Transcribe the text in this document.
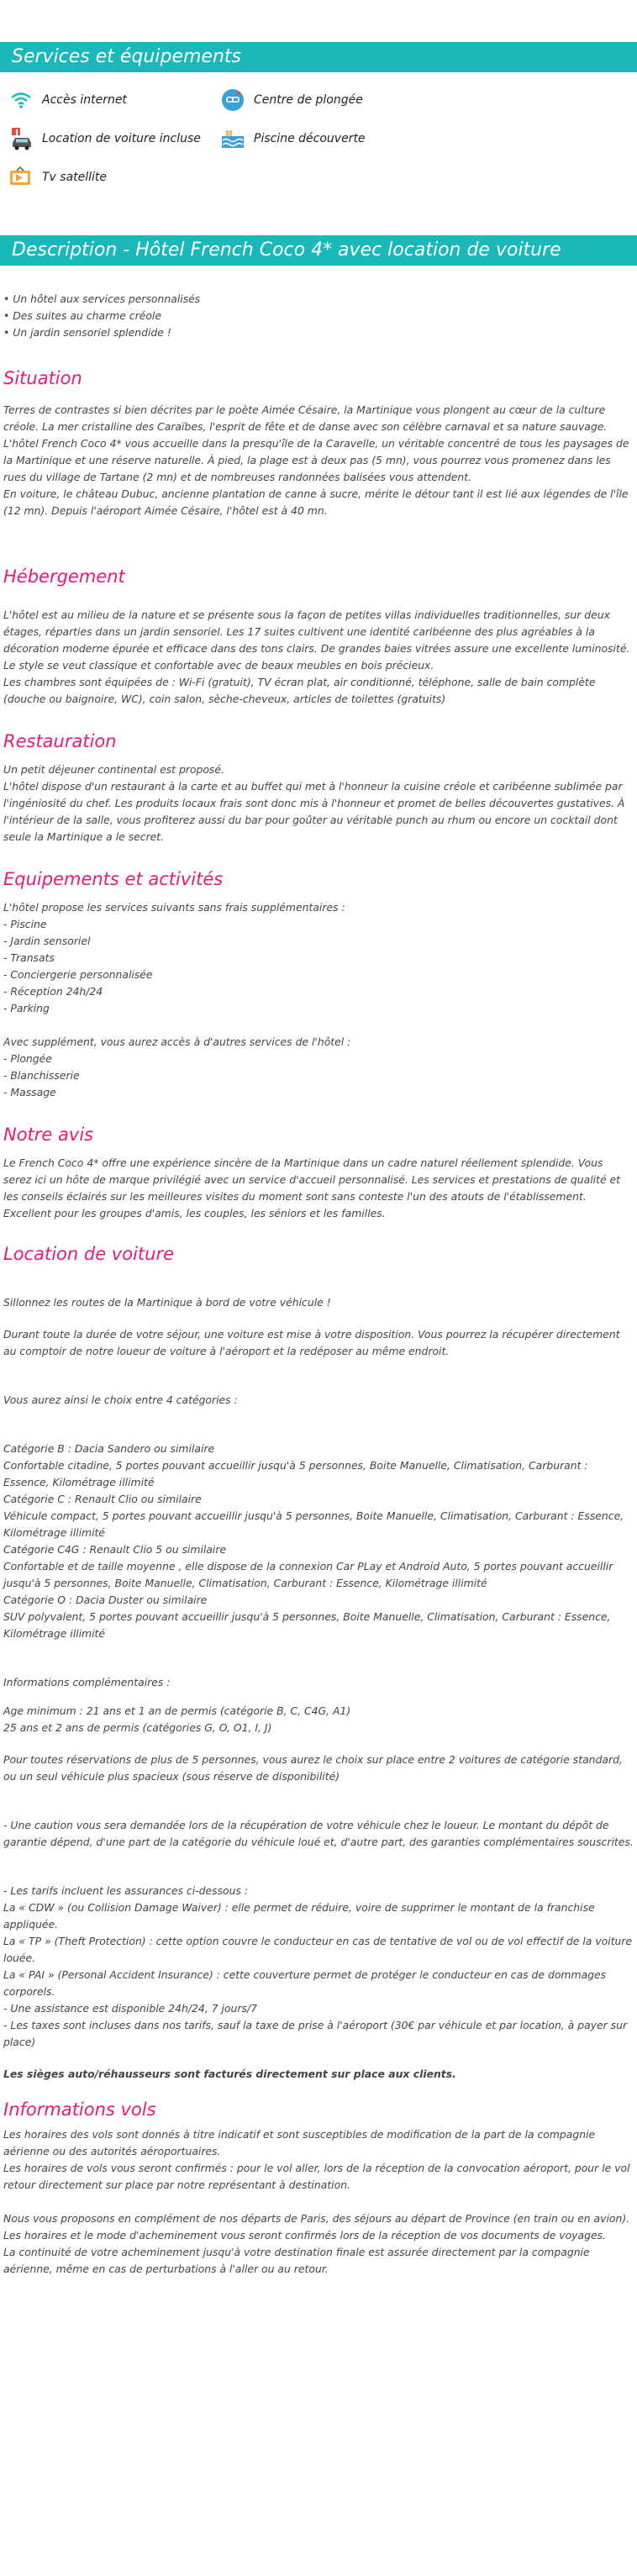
Services et équipements
Accès internet	Centre de plongée
Location de voiture incluse	Piscine découverte
Tv satellite
Description - Hôtel French Coco 4* avec location de voiture
• Un hôtel aux services personnalisés
• Des suites au charme créole
• Un jardin sensoriel splendide !
Situation

Terres de contrastes si bien décrites par le poète Aimée Césaire, la Martinique vous plongent au cœur de la culture créole. La mer cristalline des Caraïbes, l'esprit de fête et de danse avec son célèbre carnaval et sa nature sauvage.
L'hôtel French Coco 4* vous accueille dans la presqu'île de la Caravelle, un véritable concentré de tous les paysages de la Martinique et une réserve naturelle. À pied, la plage est à deux pas (5 mn), vous pourrez vous promenez dans les rues du village de Tartane (2 mn) et de nombreuses randonnées balisées vous attendent.
En voiture, le château Dubuc, ancienne plantation de canne à sucre, mérite le détour tant il est lié aux légendes de l'île (12 mn). Depuis l'aéroport Aimée Césaire, l'hôtel est à 40 mn.

Hébergement

L'hôtel est au milieu de la nature et se présente sous la façon de petites villas individuelles traditionnelles, sur deux étages, réparties dans un jardin sensoriel. Les 17 suites cultivent une identité caribéenne des plus agréables à la décoration moderne épurée et efficace dans des tons clairs. De grandes baies vitrées assure une excellente luminosité. Le style se veut classique et confortable avec de beaux meubles en bois précieux.
Les chambres sont équipées de : Wi-Fi (gratuit), TV écran plat, air conditionné, téléphone, salle de bain complète (douche ou baignoire, WC), coin salon, sèche-cheveux, articles de toilettes (gratuits)

Restauration

Un petit déjeuner continental est proposé.
L'hôtel dispose d'un restaurant à la carte et au buffet qui met à l'honneur la cuisine créole et caribéenne sublimée par l'ingéniosité du chef. Les produits locaux frais sont donc mis à l'honneur et promet de belles découvertes gustatives. À l'intérieur de la salle, vous profiterez aussi du bar pour goûter au véritable punch au rhum ou encore un cocktail dont seule la Martinique a le secret.

Equipements et activités

L'hôtel propose les services suivants sans frais supplémentaires :

- Piscine
- Jardin sensoriel
- Transats
- Conciergerie personnalisée
- Réception 24h/24
- Parking

Avec supplément, vous aurez accès à d'autres services de l'hôtel :

- Plongée
- Blanchisserie
- Massage
Notre avis

Le French Coco 4* offre une expérience sincère de la Martinique dans un cadre naturel réellement splendide. Vous serez ici un hôte de marque privilégié avec un service d'accueil personnalisé. Les services et prestations de qualité et les conseils éclairés sur les meilleures visites du moment sont sans conteste l'un des atouts de l'établissement. Excellent pour les groupes d'amis, les couples, les séniors et les familles.

Location de voiture

Sillonnez les routes de la Martinique à bord de votre véhicule !

Durant toute la durée de votre séjour, une voiture est mise à votre disposition. Vous pourrez la récupérer directement au comptoir de notre loueur de voiture à l'aéroport et la redéposer au même endroit.

Vous aurez ainsi le choix entre 4 catégories :

Catégorie B : Dacia Sandero ou similaire
Confortable citadine, 5 portes pouvant accueillir jusqu'à 5 personnes, Boite Manuelle, Climatisation, Carburant : Essence, Kilométrage illimité
Catégorie C : Renault Clio ou similaire
Véhicule compact, 5 portes pouvant accueillir jusqu'à 5 personnes, Boite Manuelle, Climatisation, Carburant : Essence, Kilométrage illimité
Catégorie C4G : Renault Clio 5 ou similaire
Confortable et de taille moyenne , elle dispose de la connexion Car PLay et Android Auto, 5 portes pouvant accueillir jusqu'à 5 personnes, Boite Manuelle, Climatisation, Carburant : Essence, Kilométrage illimité
Catégorie O : Dacia Duster ou similaire
SUV polyvalent, 5 portes pouvant accueillir jusqu'à 5 personnes, Boite Manuelle, Climatisation, Carburant : Essence, Kilométrage illimité

Informations complémentaires :

Age minimum : 21 ans et 1 an de permis (catégorie B, C, C4G, A1)
25 ans et 2 ans de permis (catégories G, O, O1, I, J)

Pour toutes réservations de plus de 5 personnes, vous aurez le choix sur place entre 2 voitures de catégorie standard, ou un seul véhicule plus spacieux (sous réserve de disponibilité)

- Une caution vous sera demandée lors de la récupération de votre véhicule chez le loueur. Le montant du dépôt de garantie dépend, d'une part de la catégorie du véhicule loué et, d'autre part, des garanties complémentaires souscrites.

- Les tarifs incluent les assurances ci-dessous :
La « CDW » (ou Collision Damage Waiver) : elle permet de réduire, voire de supprimer le montant de la franchise appliquée.
La « TP » (Theft Protection) : cette option couvre le conducteur en cas de tentative de vol ou de vol effectif de la voiture louée.
La « PAI » (Personal Accident Insurance) : cette couverture permet de protéger le conducteur en cas de dommages corporels.
- Une assistance est disponible 24h/24, 7 jours/7
- Les taxes sont incluses dans nos tarifs, sauf la taxe de prise à l'aéroport (30€ par véhicule et par location, à payer sur place)

Les sièges auto/réhausseurs sont facturés directement sur place aux clients.

Informations vols

Les horaires des vols sont donnés à titre indicatif et sont susceptibles de modification de la part de la compagnie aérienne ou des autorités aéroportuaires.
Les horaires de vols vous seront confirmés : pour le vol aller, lors de la réception de la convocation aéroport, pour le vol retour directement sur place par notre représentant à destination.

Nous vous proposons en complément de nos départs de Paris, des séjours au départ de Province (en train ou en avion).
Les horaires et le mode d'acheminement vous seront confirmés lors de la réception de vos documents de voyages.
La continuité de votre acheminement jusqu'à votre destination finale est assurée directement par la compagnie aérienne, même en cas de perturbations à l'aller ou au retour.
